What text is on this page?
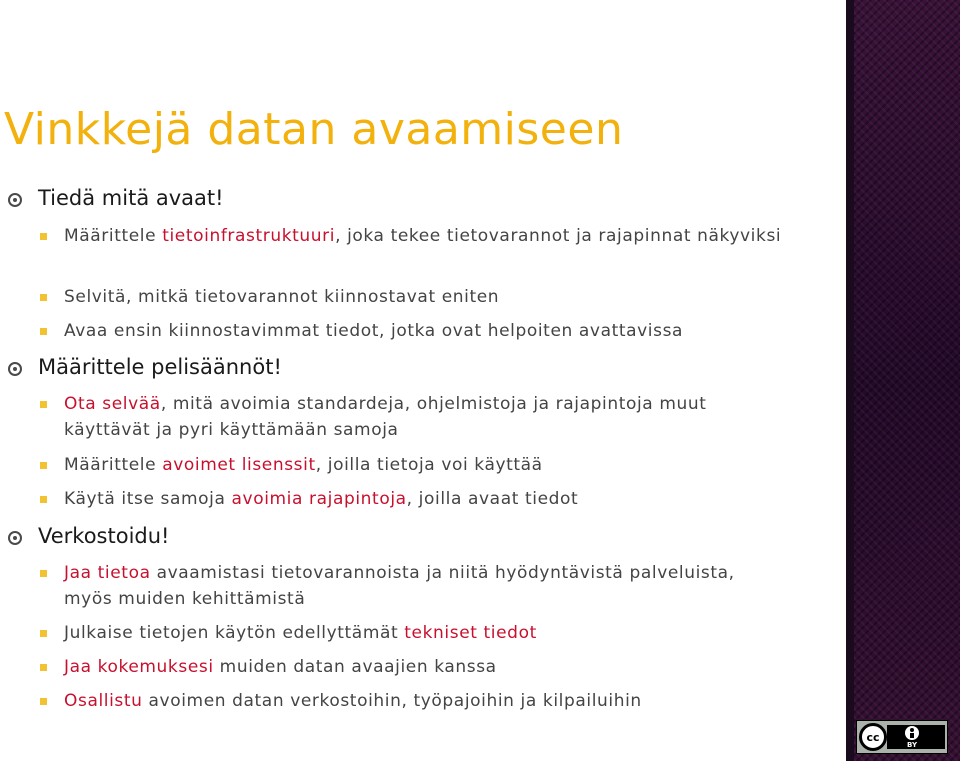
Vinkkejä datan avaamiseen
Tiedä mitä avaat!
Määrittele tietoinfrastruktuuri, joka tekee tietovarannot ja rajapinnat näkyviksi
Selvitä, mitkä tietovarannot kiinnostavat eniten
Avaa ensin kiinnostavimmat tiedot, jotka ovat helpoiten avattavissa
Määrittele pelisäännöt!
Ota selvää, mitä avoimia standardeja, ohjelmistoja ja rajapintoja muut käyttävät ja pyri käyttämään samoja
Määrittele avoimet lisenssit, joilla tietoja voi käyttää
Käytä itse samoja avoimia rajapintoja, joilla avaat tiedot
Verkostoidu!
Jaa tietoa avaamistasi tietovarannoista ja niitä hyödyntävistä palveluista, myös muiden kehittämistä
Julkaise tietojen käytön edellyttämät tekniset tiedot
Jaa kokemuksesi muiden datan avaajien kanssa
Osallistu avoimen datan verkostoihin, työpajoihin ja kilpailuihin
cc
BY
